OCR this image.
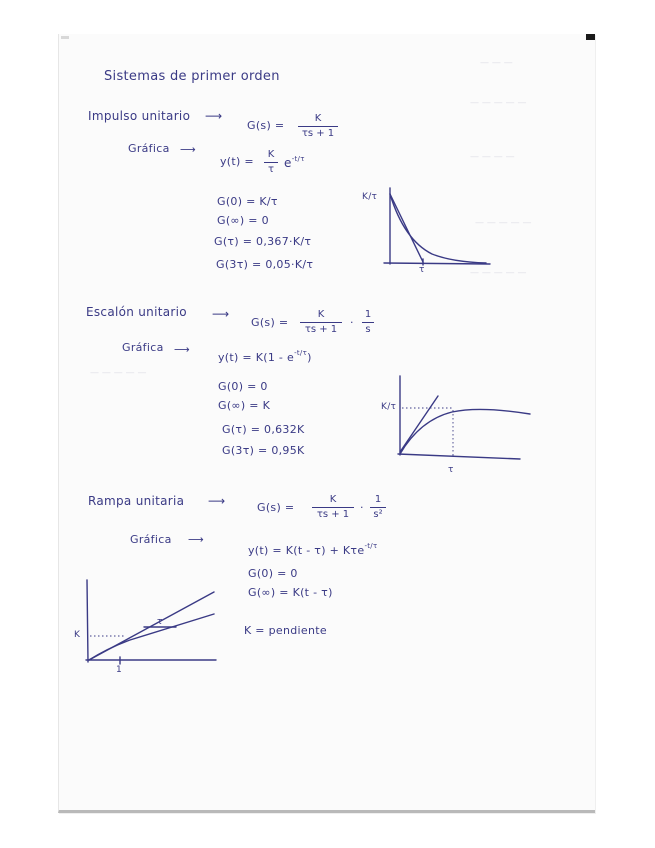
— — —
— — — — —
— — — —
— — — — —
— — — — —
— — — — —
Sistemas de primer orden
Impulso unitario ⟶
G(s) =
K
τs + 1
Gráfica ⟶
y(t) =
K
τ $e^{-t/\tau}$
G(0) = K/τ
G(∞) = 0
G(τ) = 0,367·K/τ
G(3τ) = 0,05·K/τ
K/τ
τ
Escalón unitario ⟶
G(s) =
K
τs + 1
·
1
s
Gráfica ⟶
$y(t) = K(1 - e^{-t/\tau})$
G(0) = 0
G(∞) = K
G(τ) = 0,632K
G(3τ) = 0,95K
K/τ
τ
Rampa unitaria ⟶	G(s) =
K
τs + 1
·
1
s²
Gráfica ⟶
y(t) = K(t - τ) + Kτe$^{-t/\tau}$
G(0) = 0
G(∞) = K(t - τ)
K = pendiente
K
1
τ
